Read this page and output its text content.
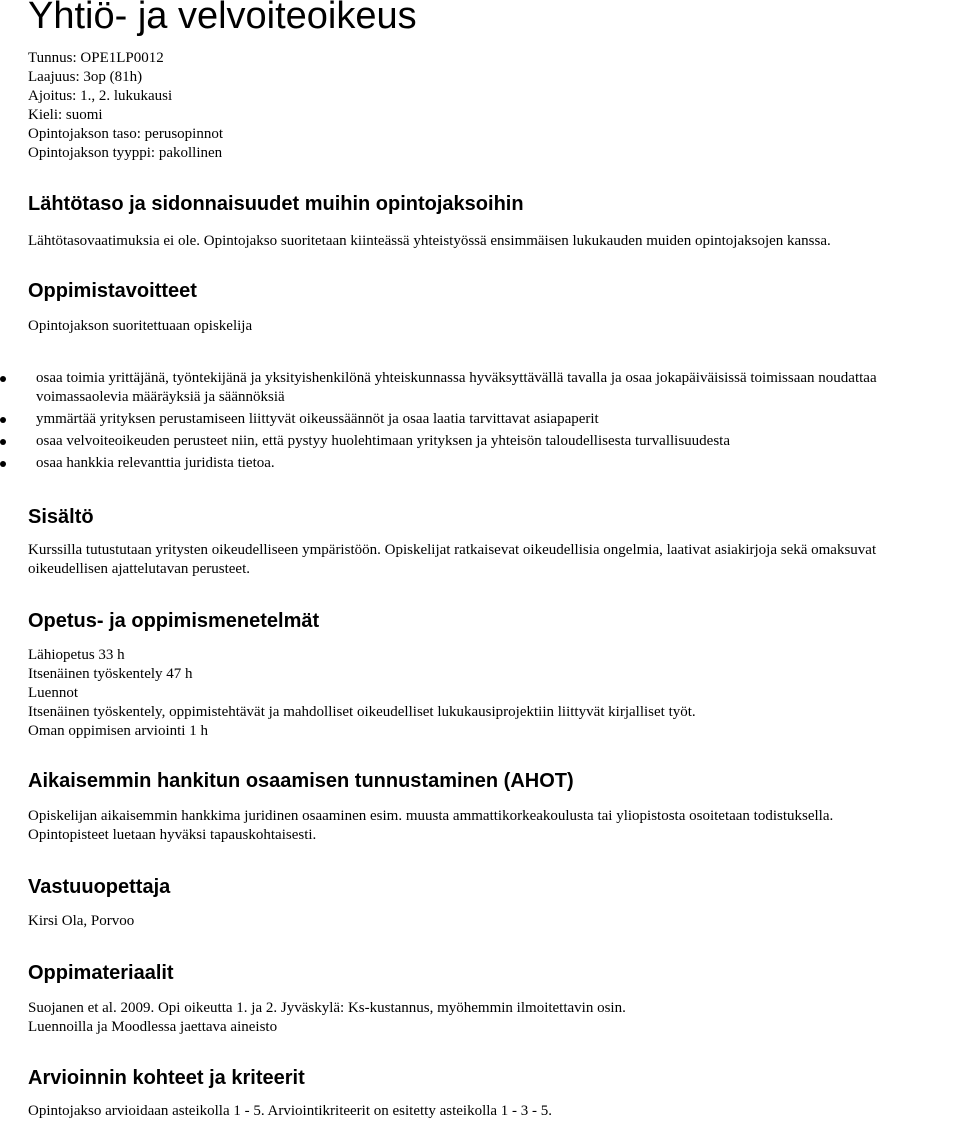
Yhtiö- ja velvoiteoikeus
Tunnus: OPE1LP0012
Laajuus: 3op (81h)
Ajoitus: 1., 2. lukukausi
Kieli: suomi
Opintojakson taso: perusopinnot
Opintojakson tyyppi: pakollinen
Lähtötaso ja sidonnaisuudet muihin opintojaksoihin

Lähtötasovaatimuksia ei ole. Opintojakso suoritetaan kiinteässä yhteistyössä ensimmäisen lukukauden muiden opintojaksojen kanssa.

Oppimistavoitteet

Opintojakson suoritettuaan opiskelija

osaa toimia yrittäjänä, työntekijänä ja yksityishenkilönä yhteiskunnassa hyväksyttävällä tavalla ja osaa jokapäiväisissä toimissaan noudattaa
voimassaolevia määräyksiä ja säännöksiä
ymmärtää yrityksen perustamiseen liittyvät oikeussäännöt ja osaa laatia tarvittavat asiapaperit
osaa velvoiteoikeuden perusteet niin, että pystyy huolehtimaan yrityksen ja yhteisön taloudellisesta turvallisuudesta
osaa hankkia relevanttia juridista tietoa.
Sisältö

Kurssilla tutustutaan yritysten oikeudelliseen ympäristöön. Opiskelijat ratkaisevat oikeudellisia ongelmia, laativat asiakirjoja sekä omaksuvat
oikeudellisen ajattelutavan perusteet.

Opetus- ja oppimismenetelmät

Lähiopetus 33 h
Itsenäinen työskentely 47 h
Luennot
Itsenäinen työskentely, oppimistehtävät ja mahdolliset oikeudelliset lukukausiprojektiin liittyvät kirjalliset työt.
Oman oppimisen arviointi 1 h

Aikaisemmin hankitun osaamisen tunnustaminen (AHOT)

Opiskelijan aikaisemmin hankkima juridinen osaaminen esim. muusta ammattikorkeakoulusta tai yliopistosta osoitetaan todistuksella.
Opintopisteet luetaan hyväksi tapauskohtaisesti.

Vastuuopettaja

Kirsi Ola, Porvoo

Oppimateriaalit

Suojanen et al. 2009. Opi oikeutta 1. ja 2. Jyväskylä: Ks-kustannus, myöhemmin ilmoitettavin osin.
Luennoilla ja Moodlessa jaettava aineisto

Arvioinnin kohteet ja kriteerit

Opintojakso arvioidaan asteikolla 1 - 5. Arviointikriteerit on esitetty asteikolla 1 - 3 - 5.
